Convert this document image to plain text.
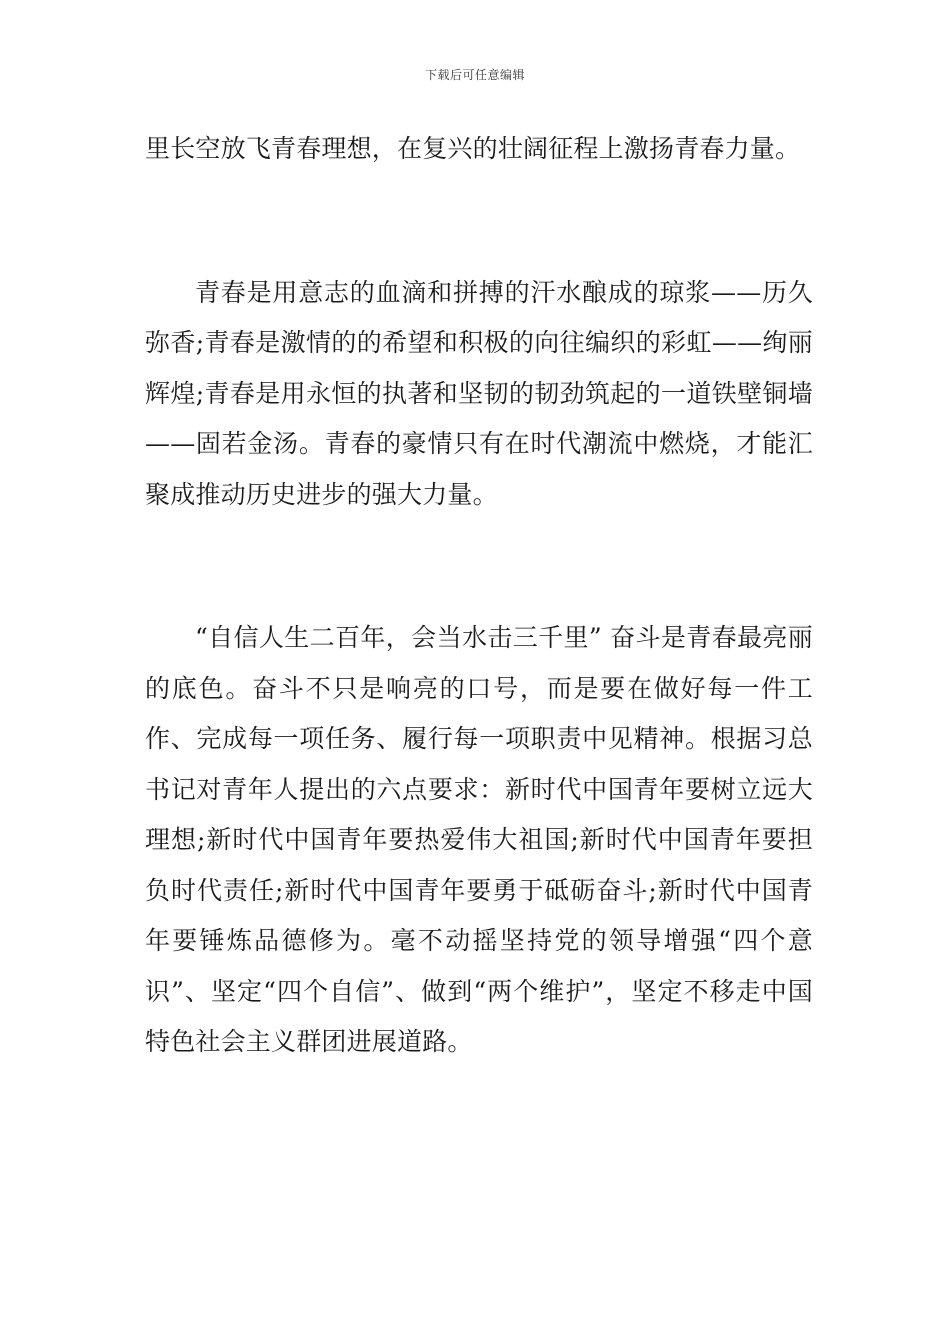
下载后可任意编辑

里长空放飞青春理想，在复兴的壮阔征程上激扬青春力量。

青春是用意志的血滴和拼搏的汗水酿成的琼浆——历久弥香;青春是激情的的希望和积极的向往编织的彩虹——绚丽辉煌;青春是用永恒的执著和坚韧的韧劲筑起的一道铁壁铜墙——固若金汤。青春的豪情只有在时代潮流中燃烧，才能汇聚成推动历史进步的强大力量。

“自信人生二百年，会当水击三千里” 奋斗是青春最亮丽的底色。奋斗不只是响亮的口号，而是要在做好每一件工作、完成每一项任务、履行每一项职责中见精神。根据习总书记对青年人提出的六点要求：新时代中国青年要树立远大理想;新时代中国青年要热爱伟大祖国;新时代中国青年要担负时代责任;新时代中国青年要勇于砥砺奋斗;新时代中国青年要锤炼品德修为。毫不动摇坚持党的领导增强“四个意识”、坚定“四个自信”、做到“两个维护”，坚定不移走中国特色社会主义群团进展道路。
